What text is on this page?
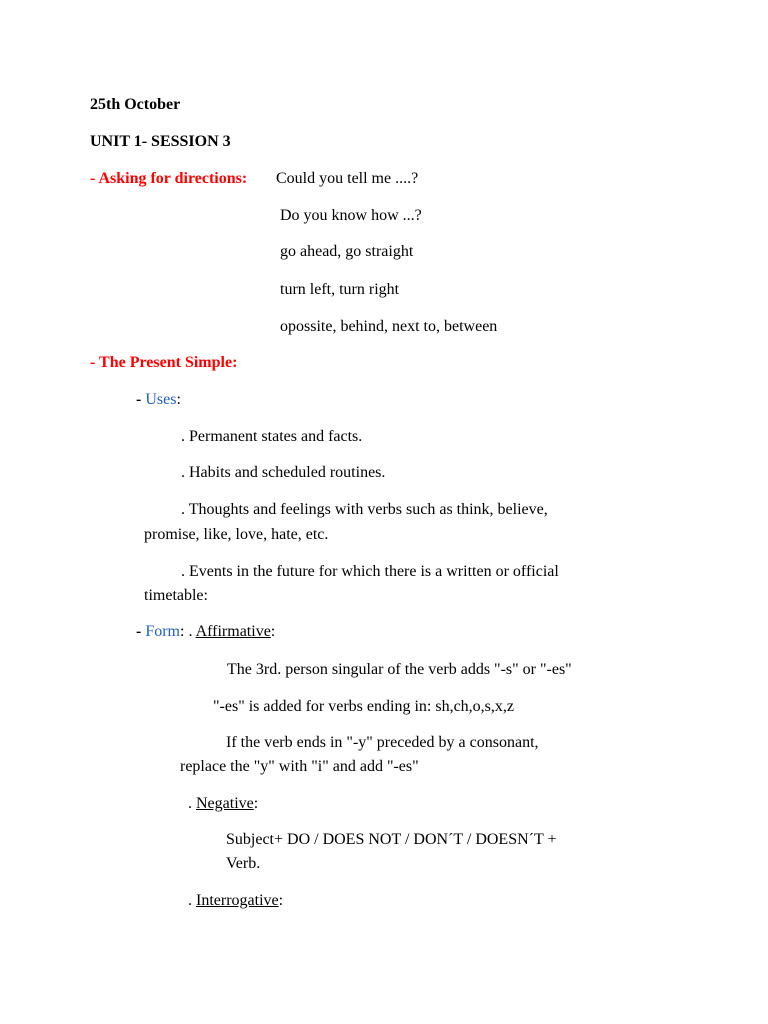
25th October
UNIT 1- SESSION 3
- Asking for directions: Could you tell me ....?
Do you know how ...?
go ahead, go straight
turn left, turn right
opossite, behind, next to, between
- The Present Simple:
- Uses:
. Permanent states and facts.
. Habits and scheduled routines.
. Thoughts and feelings with verbs such as think, believe,
promise, like, love, hate, etc.
. Events in the future for which there is a written or official
timetable:
- Form: . Affirmative:
The 3rd. person singular of the verb adds "-s" or "-es"
"-es" is added for verbs ending in: sh,ch,o,s,x,z
If the verb ends in "-y" preceded by a consonant,
replace the "y" with "i" and add "-es"
. Negative:
Subject+ DO / DOES NOT / DON´T / DOESN´T +
Verb.
. Interrogative:
